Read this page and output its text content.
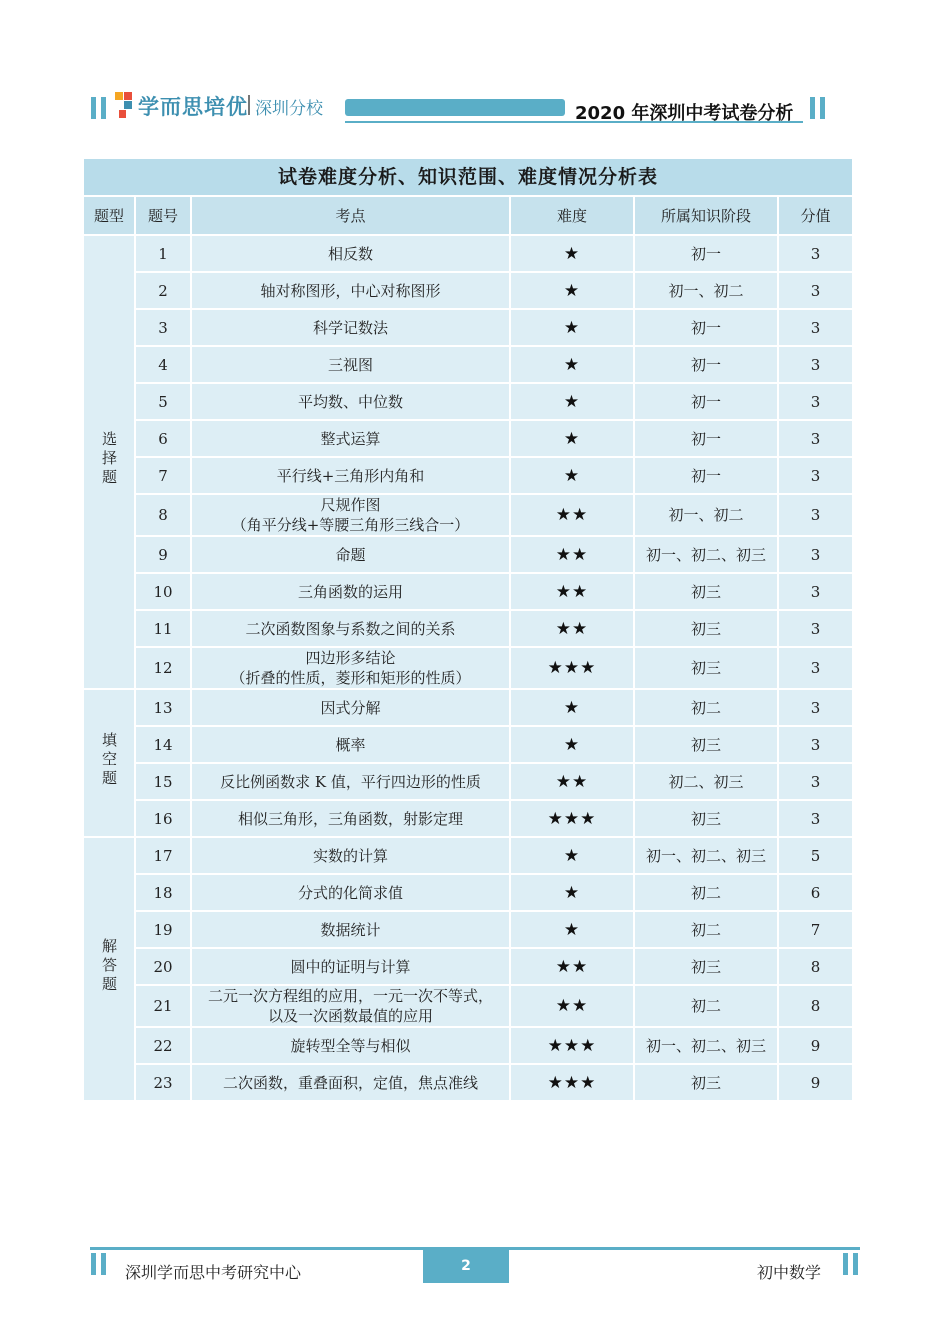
学而思培优 深圳分校	2020 年深圳中考试卷分析
试卷难度分析、知识范围、难度情况分析表					
题型	题号	考点	难度	所属知识阶段	分值
选择题	1	相反数	★	初一	3
	2	轴对称图形，中心对称图形	★	初一、初二	3
	3	科学记数法	★	初一	3
	4	三视图	★	初一	3
	5	平均数、中位数	★	初一	3
	6	整式运算	★	初一	3
	7	平行线+三角形内角和	★	初一	3
	8	尺规作图
（角平分线+等腰三角形三线合一）	★★	初一、初二	3
	9	命题	★★	初一、初二、初三	3
	10	三角函数的运用	★★	初三	3
	11	二次函数图象与系数之间的关系	★★	初三	3
	12	四边形多结论
（折叠的性质，菱形和矩形的性质）	★★★	初三	3
填空题	13	因式分解	★	初二	3
	14	概率	★	初三	3
	15	反比例函数求 K 值，平行四边形的性质	★★	初二、初三	3
	16	相似三角形，三角函数，射影定理	★★★	初三	3
解答题	17	实数的计算	★	初一、初二、初三	5
	18	分式的化简求值	★	初二	6
	19	数据统计	★	初二	7
	20	圆中的证明与计算	★★	初三	8
	21	二元一次方程组的应用，一元一次不等式，
以及一次函数最值的应用	★★	初二	8
	22	旋转型全等与相似	★★★	初一、初二、初三	9
	23	二次函数，重叠面积，定值，焦点准线	★★★	初三	9
深圳学而思中考研究中心	2	初中数学
